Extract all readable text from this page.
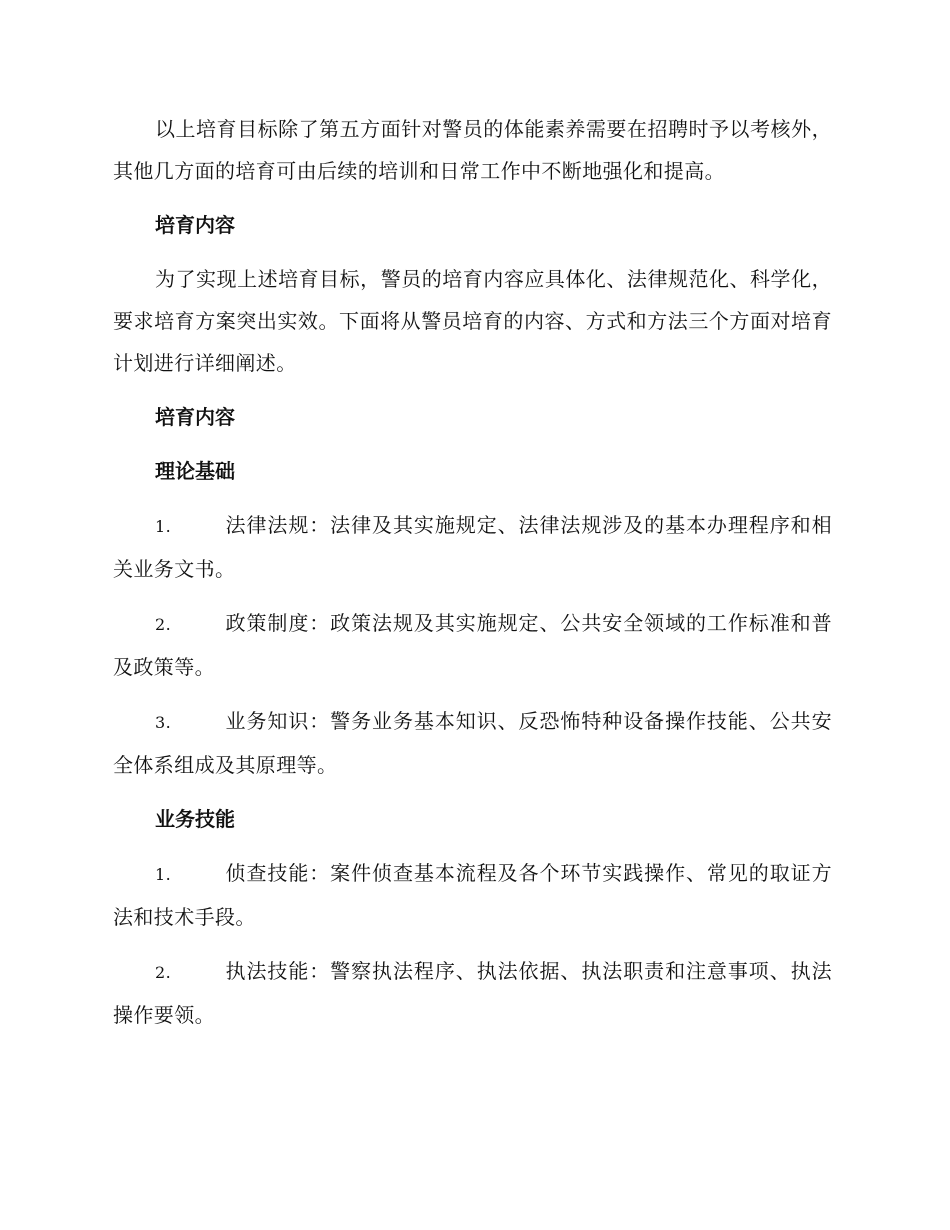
以上培育目标除了第五方面针对警员的体能素养需要在招聘时予以考核外，其他几方面的培育可由后续的培训和日常工作中不断地强化和提高。

培育内容

为了实现上述培育目标，警员的培育内容应具体化、法律规范化、科学化，要求培育方案突出实效。下面将从警员培育的内容、方式和方法三个方面对培育计划进行详细阐述。

培育内容

理论基础

1.	法律法规：法律及其实施规定、法律法规涉及的基本办理程序和相关业务文书。

2.	政策制度：政策法规及其实施规定、公共安全领域的工作标准和普及政策等。

3.	业务知识：警务业务基本知识、反恐怖特种设备操作技能、公共安全体系组成及其原理等。

业务技能

1.	侦查技能：案件侦查基本流程及各个环节实践操作、常见的取证方法和技术手段。

2.	执法技能：警察执法程序、执法依据、执法职责和注意事项、执法操作要领。
